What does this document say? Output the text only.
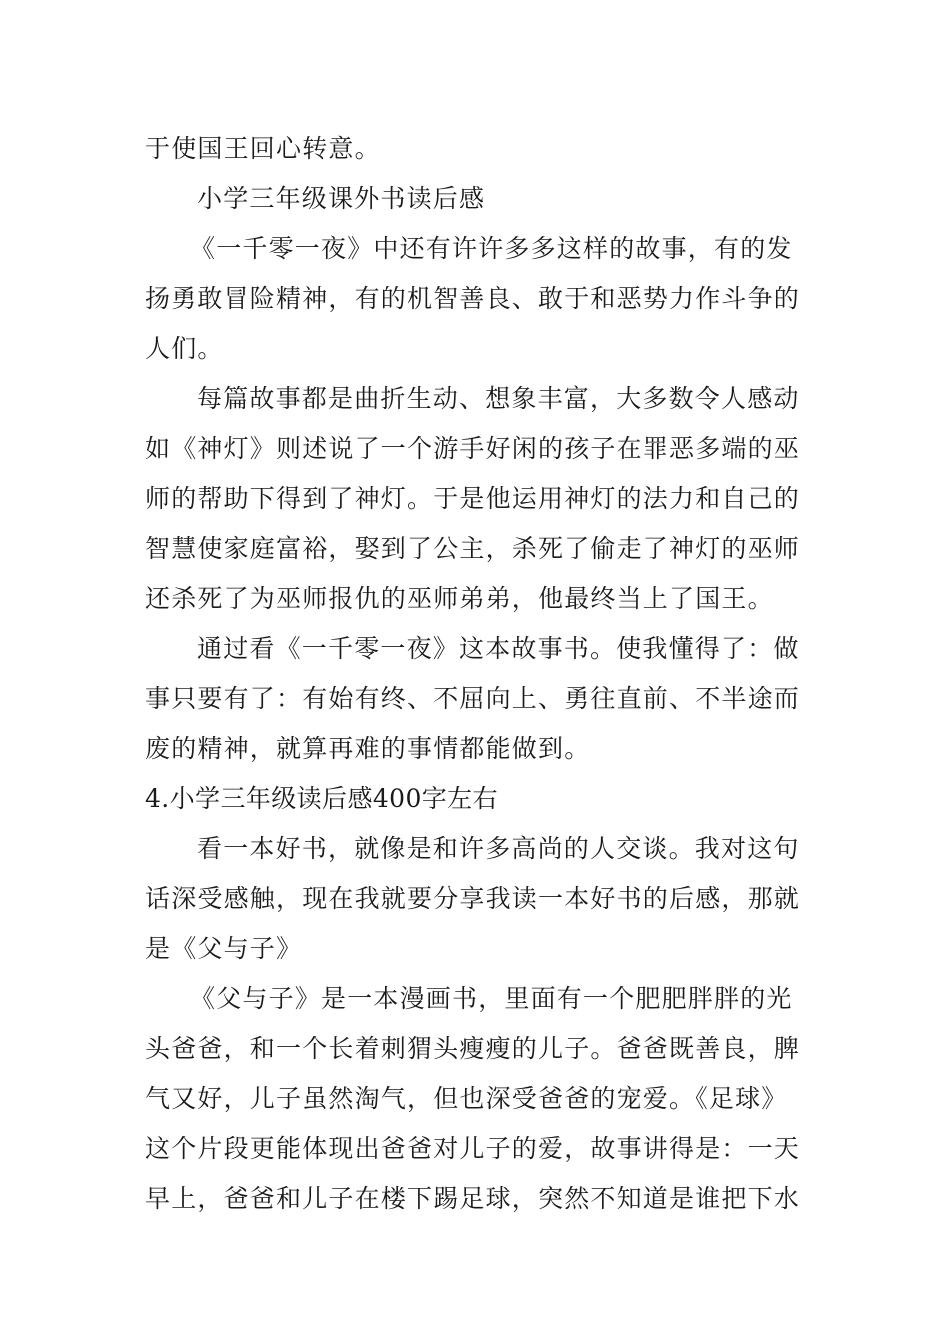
于使国王回心转意。
小学三年级课外书读后感
《一千零一夜》中还有许许多多这样的故事，有的发
扬勇敢冒险精神，有的机智善良、敢于和恶势力作斗争的
人们。
每篇故事都是曲折生动、想象丰富，大多数令人感动
如《神灯》则述说了一个游手好闲的孩子在罪恶多端的巫
师的帮助下得到了神灯。于是他运用神灯的法力和自己的
智慧使家庭富裕，娶到了公主，杀死了偷走了神灯的巫师
还杀死了为巫师报仇的巫师弟弟，他最终当上了国王。
通过看《一千零一夜》这本故事书。使我懂得了：做
事只要有了：有始有终、不屈向上、勇往直前、不半途而
废的精神，就算再难的事情都能做到。
4.小学三年级读后感400字左右
看一本好书，就像是和许多高尚的人交谈。我对这句
话深受感触，现在我就要分享我读一本好书的后感，那就
是《父与子》
《父与子》是一本漫画书，里面有一个肥肥胖胖的光
头爸爸，和一个长着刺猬头瘦瘦的儿子。爸爸既善良，脾
气又好，儿子虽然淘气，但也深受爸爸的宠爱。《足球》
这个片段更能体现出爸爸对儿子的爱，故事讲得是：一天
早上，爸爸和儿子在楼下踢足球，突然不知道是谁把下水
